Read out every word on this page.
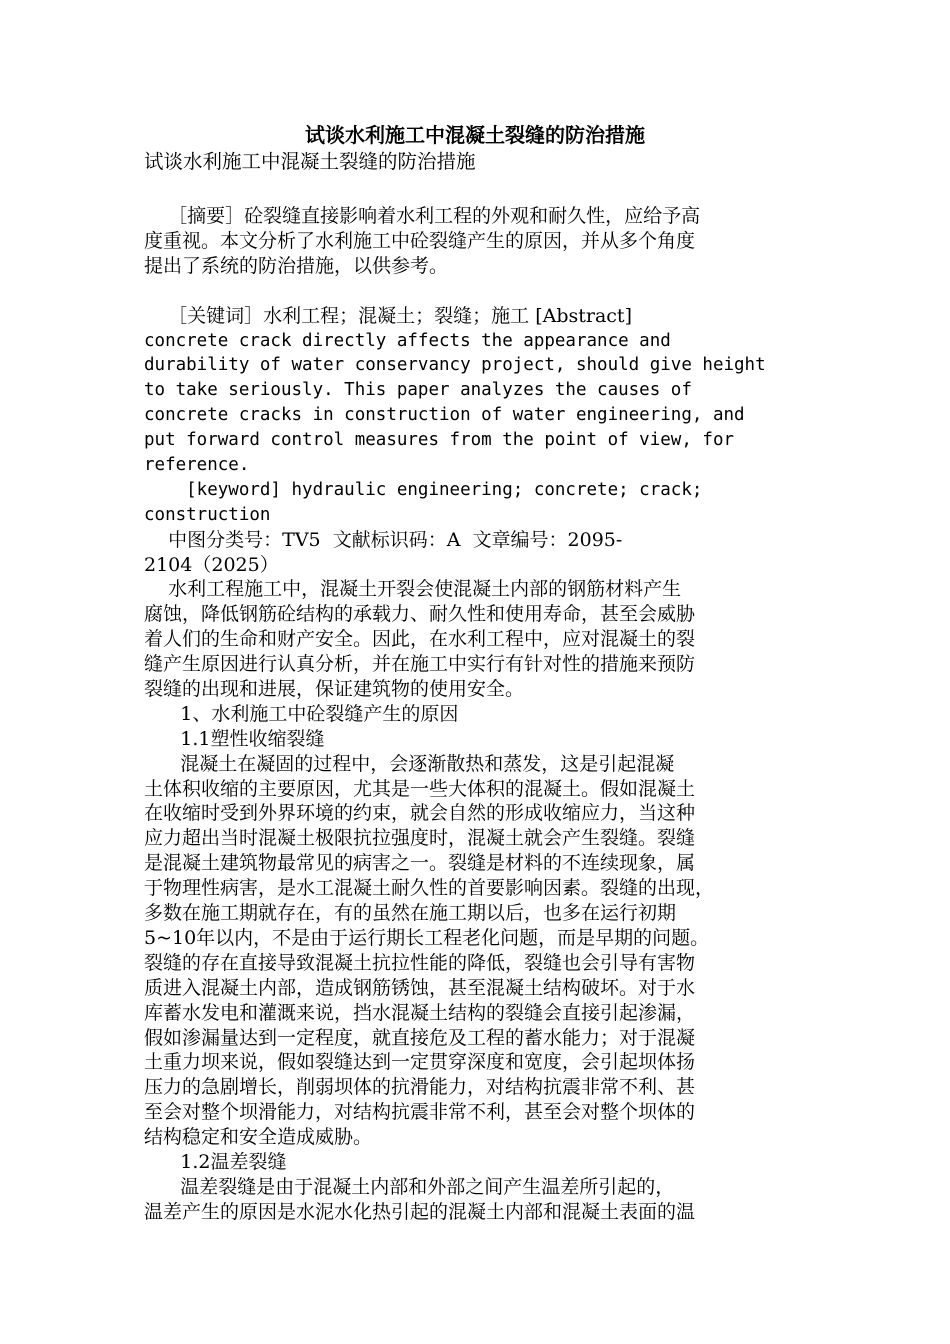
试谈水利施工中混凝土裂缝的防治措施
试谈水利施工中混凝土裂缝的防治措施
［摘要］砼裂缝直接影响着水利工程的外观和耐久性，应给予高
度重视。本文分析了水利施工中砼裂缝产生的原因，并从多个角度
提出了系统的防治措施，以供参考。
［关键词］水利工程；混凝土；裂缝；施工 [Abstract]
concrete crack directly affects the appearance and
durability of water conservancy project, should give height
to take seriously. This paper analyzes the causes of
concrete cracks in construction of water engineering, and
put forward control measures from the point of view, for
reference.
[keyword] hydraulic engineering; concrete; crack;
construction
中图分类号：TV5  文献标识码：A  文章编号：2095-
2104（2025）
水利工程施工中，混凝土开裂会使混凝土内部的钢筋材料产生
腐蚀，降低钢筋砼结构的承载力、耐久性和使用寿命，甚至会威胁
着人们的生命和财产安全。因此，在水利工程中，应对混凝土的裂
缝产生原因进行认真分析，并在施工中实行有针对性的措施来预防
裂缝的出现和进展，保证建筑物的使用安全。
1、水利施工中砼裂缝产生的原因
1.1塑性收缩裂缝
混凝土在凝固的过程中，会逐渐散热和蒸发，这是引起混凝
土体积收缩的主要原因，尤其是一些大体积的混凝土。假如混凝土
在收缩时受到外界环境的约束，就会自然的形成收缩应力，当这种
应力超出当时混凝土极限抗拉强度时，混凝土就会产生裂缝。裂缝
是混凝土建筑物最常见的病害之一。裂缝是材料的不连续现象，属
于物理性病害，是水工混凝土耐久性的首要影响因素。裂缝的出现，
多数在施工期就存在，有的虽然在施工期以后，也多在运行初期
5~10年以内，不是由于运行期长工程老化问题，而是早期的问题。
裂缝的存在直接导致混凝土抗拉性能的降低，裂缝也会引导有害物
质进入混凝土内部，造成钢筋锈蚀，甚至混凝土结构破坏。对于水
库蓄水发电和灌溉来说，挡水混凝土结构的裂缝会直接引起渗漏，
假如渗漏量达到一定程度，就直接危及工程的蓄水能力；对于混凝
土重力坝来说，假如裂缝达到一定贯穿深度和宽度，会引起坝体扬
压力的急剧增长，削弱坝体的抗滑能力，对结构抗震非常不利、甚
至会对整个坝滑能力，对结构抗震非常不利，甚至会对整个坝体的
结构稳定和安全造成威胁。
1.2温差裂缝
温差裂缝是由于混凝土内部和外部之间产生温差所引起的，
温差产生的原因是水泥水化热引起的混凝土内部和混凝土表面的温
